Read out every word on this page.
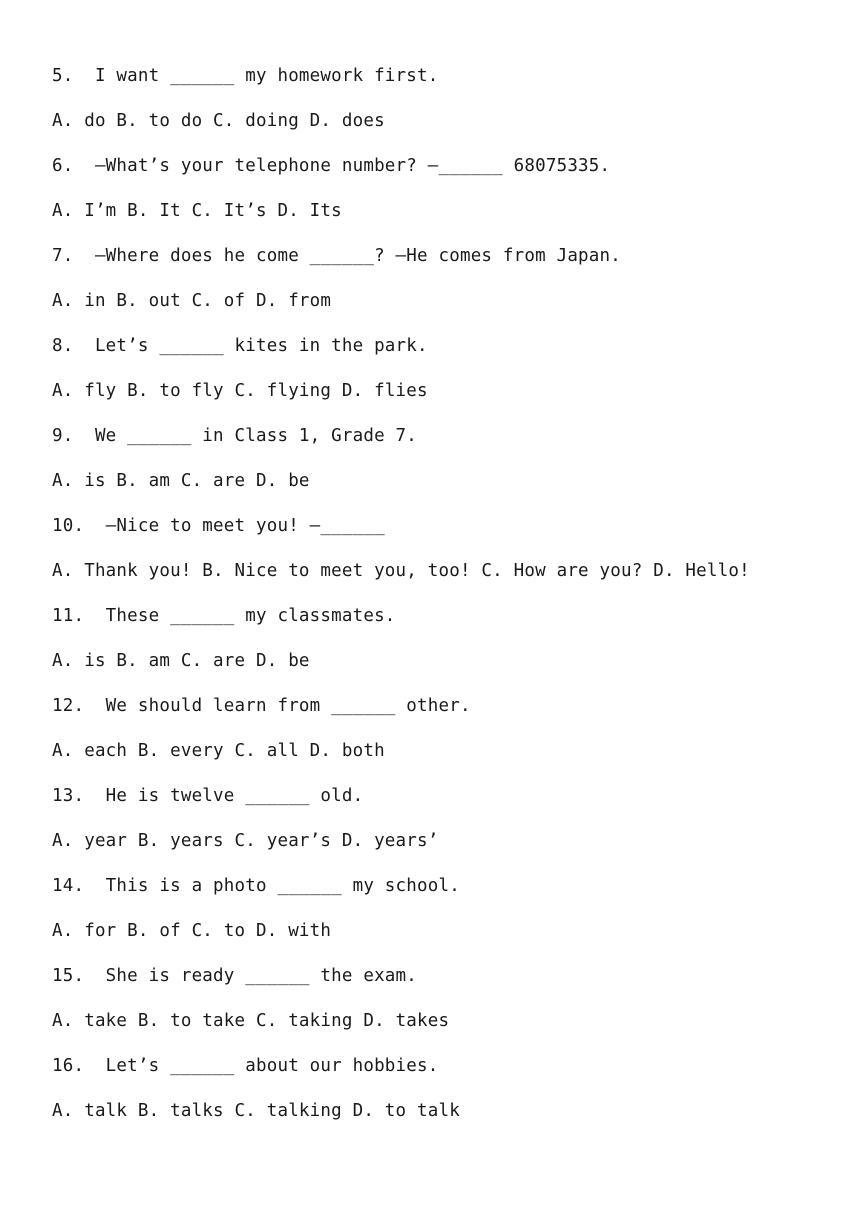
5.  I want ______ my homework first.
A. do B. to do C. doing D. does
6.  —What’s your telephone number? —______ 68075335.
A. I’m B. It C. It’s D. Its
7.  —Where does he come ______? —He comes from Japan.
A. in B. out C. of D. from
8.  Let’s ______ kites in the park.
A. fly B. to fly C. flying D. flies
9.  We ______ in Class 1, Grade 7.
A. is B. am C. are D. be
10.  —Nice to meet you! —______
A. Thank you! B. Nice to meet you, too! C. How are you? D. Hello!
11.  These ______ my classmates.
A. is B. am C. are D. be
12.  We should learn from ______ other.
A. each B. every C. all D. both
13.  He is twelve ______ old.
A. year B. years C. year’s D. years’
14.  This is a photo ______ my school.
A. for B. of C. to D. with
15.  She is ready ______ the exam.
A. take B. to take C. taking D. takes
16.  Let’s ______ about our hobbies.
A. talk B. talks C. talking D. to talk
